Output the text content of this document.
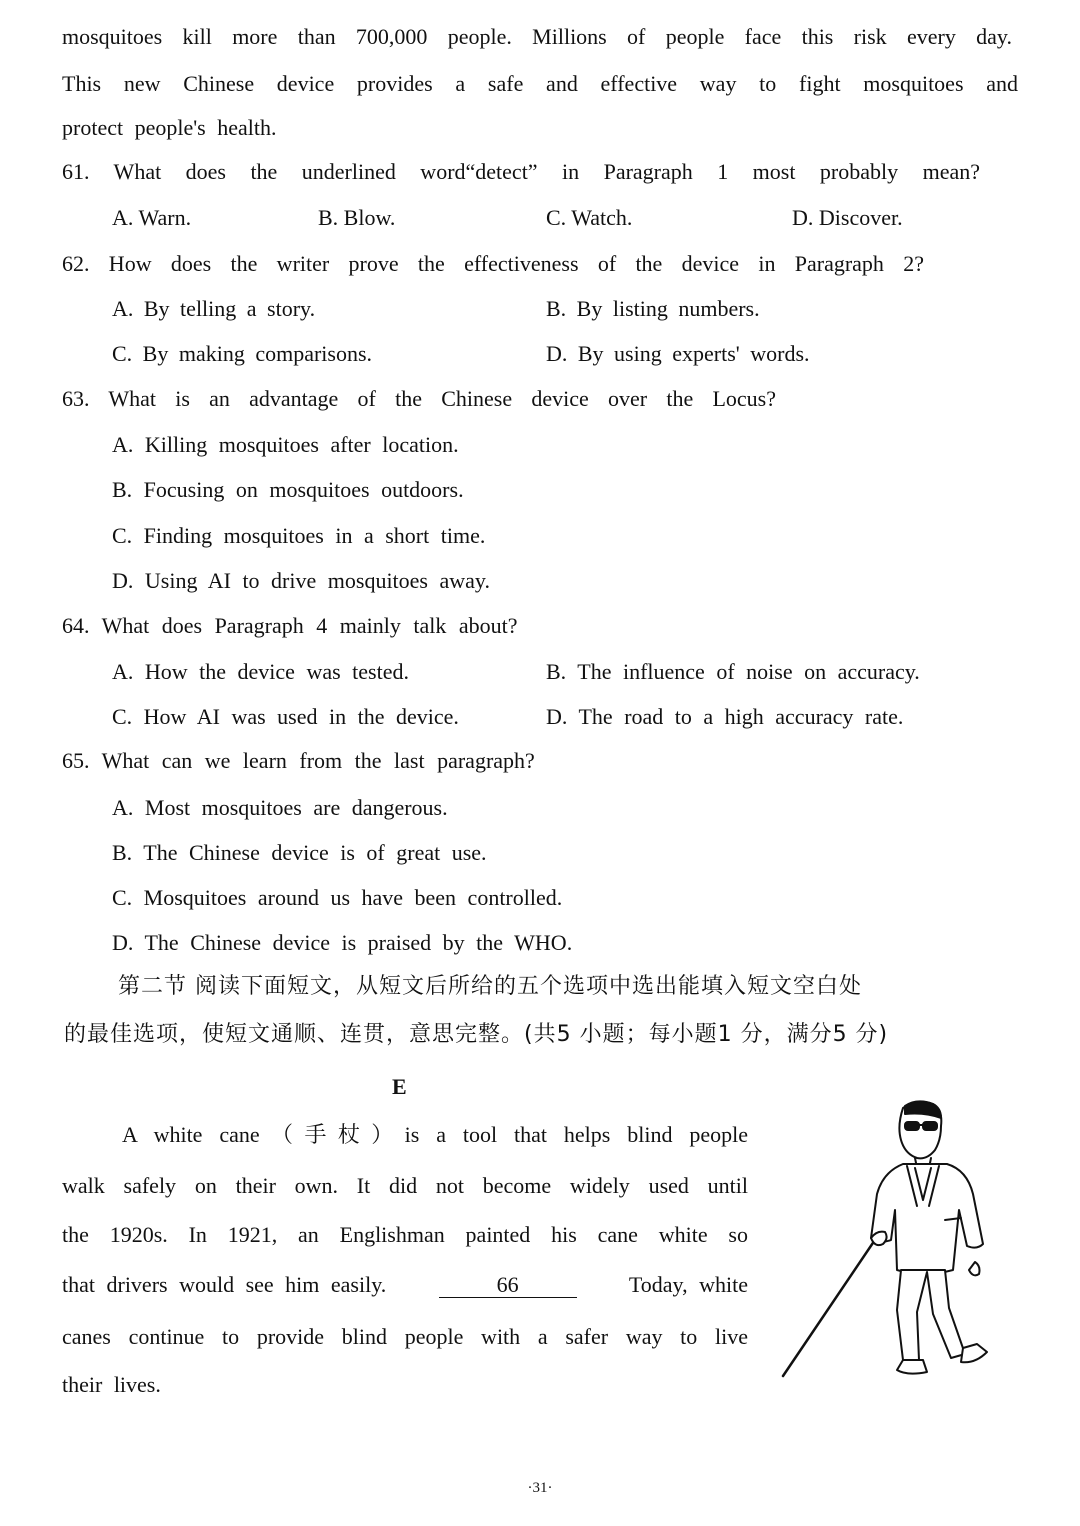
mosquitoes kill more than 700,000 people. Millions of people face this risk every day.
This new Chinese device provides a safe and effective way to fight mosquitoes and
protect people's health.
61. What does the underlined word“detect” in Paragraph 1 most probably mean?
A. Warn.	B. Blow.	C. Watch.	D. Discover.
62. How does the writer prove the effectiveness of the device in Paragraph 2?
A. By telling a story.	B. By listing numbers.
C. By making comparisons.	D. By using experts' words.
63. What is an advantage of the Chinese device over the Locus?
A. Killing mosquitoes after location.
B. Focusing on mosquitoes outdoors.
C. Finding mosquitoes in a short time.
D. Using AI to drive mosquitoes away.
64. What does Paragraph 4 mainly talk about?
A. How the device was tested.	B. The influence of noise on accuracy.
C. How AI was used in the device.	D. The road to a high accuracy rate.
65. What can we learn from the last paragraph?
A. Most mosquitoes are dangerous.
B. The Chinese device is of great use.
C. Mosquitoes around us have been controlled.
D. The Chinese device is praised by the WHO.
第二节 阅读下面短文，从短文后所给的五个选项中选出能填入短文空白处
的最佳选项，使短文通顺、连贯，意思完整。(共5 小题；每小题1 分，满分5 分)
E
A white cane（手杖）is a tool that helps blind people
walk safely on their own. It did not become widely used until
the 1920s. In 1921, an Englishman painted his cane white so
that drivers would see him easily.	66	Today, white
canes continue to provide blind people with a safer way to live
their lives.
·31·
